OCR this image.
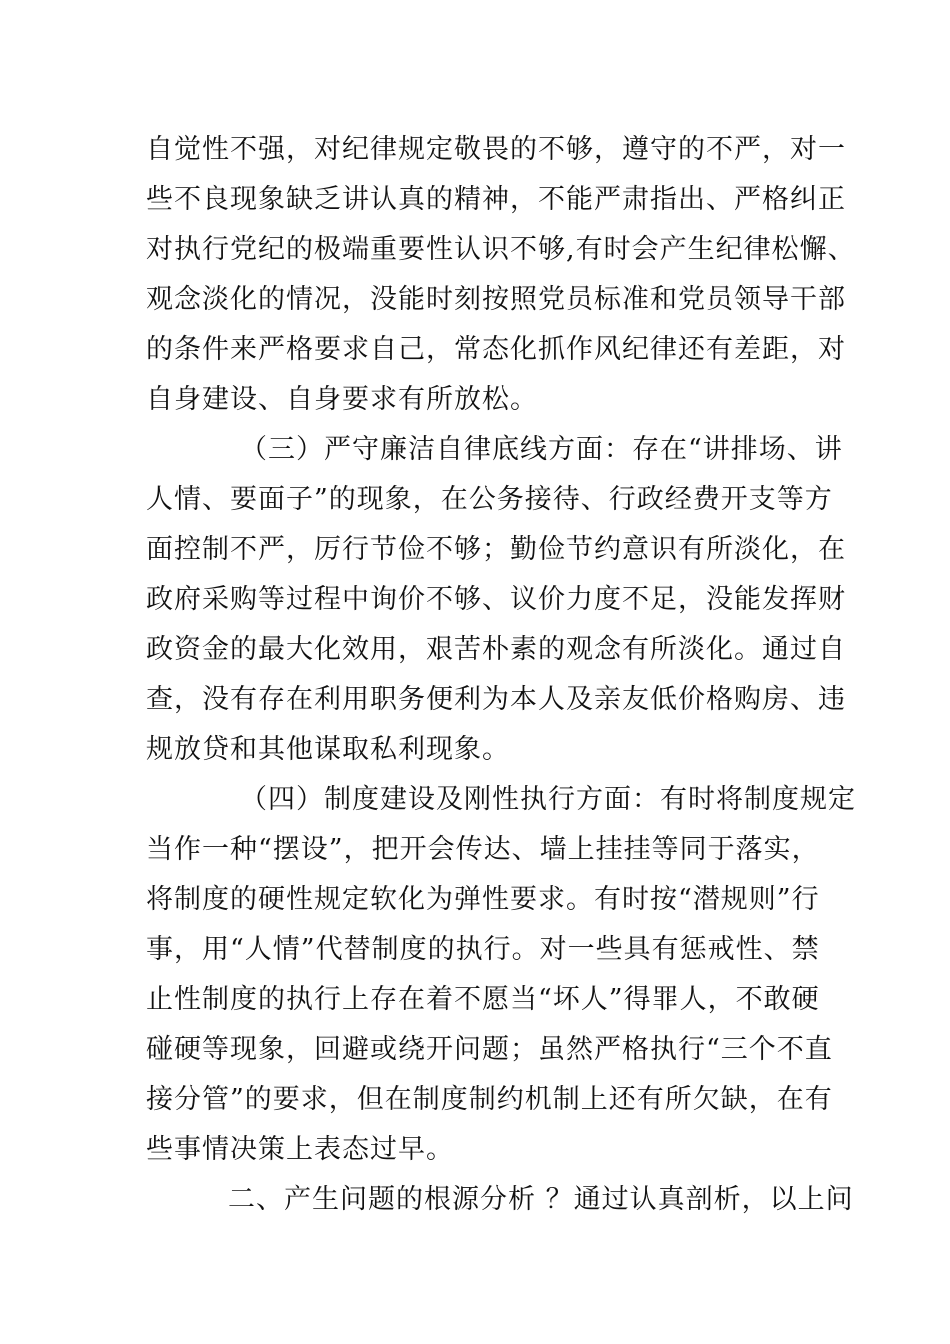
自觉性不强，对纪律规定敬畏的不够，遵守的不严，对一
些不良现象缺乏讲认真的精神，不能严肃指出、严格纠正
对执行党纪的极端重要性认识不够,有时会产生纪律松懈、
观念淡化的情况，没能时刻按照党员标准和党员领导干部
的条件来严格要求自己，常态化抓作风纪律还有差距，对
自身建设、自身要求有所放松。
（三）严守廉洁自律底线方面：存在“讲排场、讲
人情、要面子”的现象，在公务接待、行政经费开支等方
面控制不严，厉行节俭不够；勤俭节约意识有所淡化，在
政府采购等过程中询价不够、议价力度不足，没能发挥财
政资金的最大化效用，艰苦朴素的观念有所淡化。通过自
查，没有存在利用职务便利为本人及亲友低价格购房、违
规放贷和其他谋取私利现象。
（四）制度建设及刚性执行方面：有时将制度规定
当作一种“摆设”，把开会传达、墙上挂挂等同于落实，
将制度的硬性规定软化为弹性要求。有时按“潜规则”行
事，用“人情”代替制度的执行。对一些具有惩戒性、禁
止性制度的执行上存在着不愿当“坏人”得罪人，不敢硬
碰硬等现象，回避或绕开问题；虽然严格执行“三个不直
接分管”的要求，但在制度制约机制上还有所欠缺，在有
些事情决策上表态过早。
二、产生问题的根源分析 ？通过认真剖析，以上问
